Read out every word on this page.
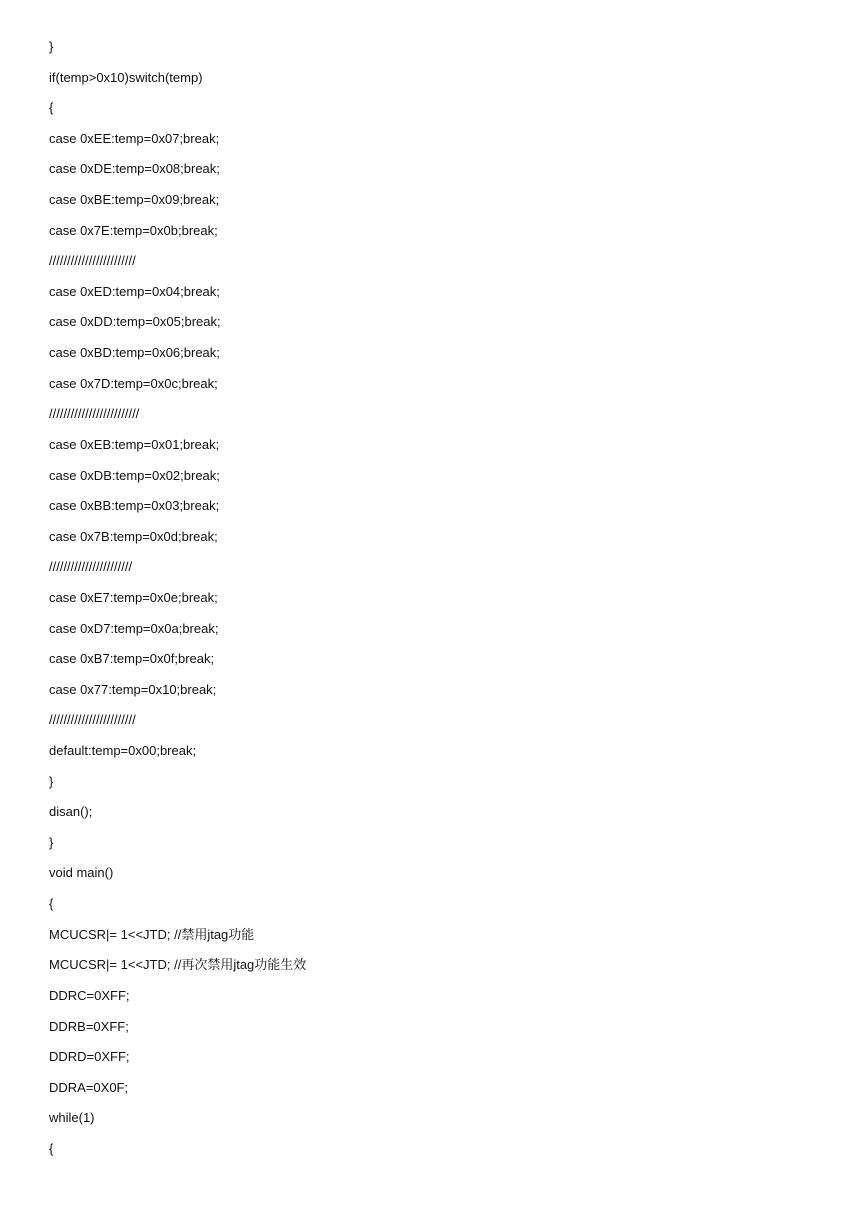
}
if(temp>0x10)switch(temp)
{
case 0xEE:temp=0x07;break;
case 0xDE:temp=0x08;break;
case 0xBE:temp=0x09;break;
case 0x7E:temp=0x0b;break;
////////////////////////
case 0xED:temp=0x04;break;
case 0xDD:temp=0x05;break;
case 0xBD:temp=0x06;break;
case 0x7D:temp=0x0c;break;
/////////////////////////
case 0xEB:temp=0x01;break;
case 0xDB:temp=0x02;break;
case 0xBB:temp=0x03;break;
case 0x7B:temp=0x0d;break;
///////////////////////
case 0xE7:temp=0x0e;break;
case 0xD7:temp=0x0a;break;
case 0xB7:temp=0x0f;break;
case 0x77:temp=0x10;break;
////////////////////////
default:temp=0x00;break;
}
disan();
}
void main()
{
MCUCSR|= 1<<JTD; //禁用jtag功能
MCUCSR|= 1<<JTD; //再次禁用jtag功能生效
DDRC=0XFF;
DDRB=0XFF;
DDRD=0XFF;
DDRA=0X0F;
while(1)
{
